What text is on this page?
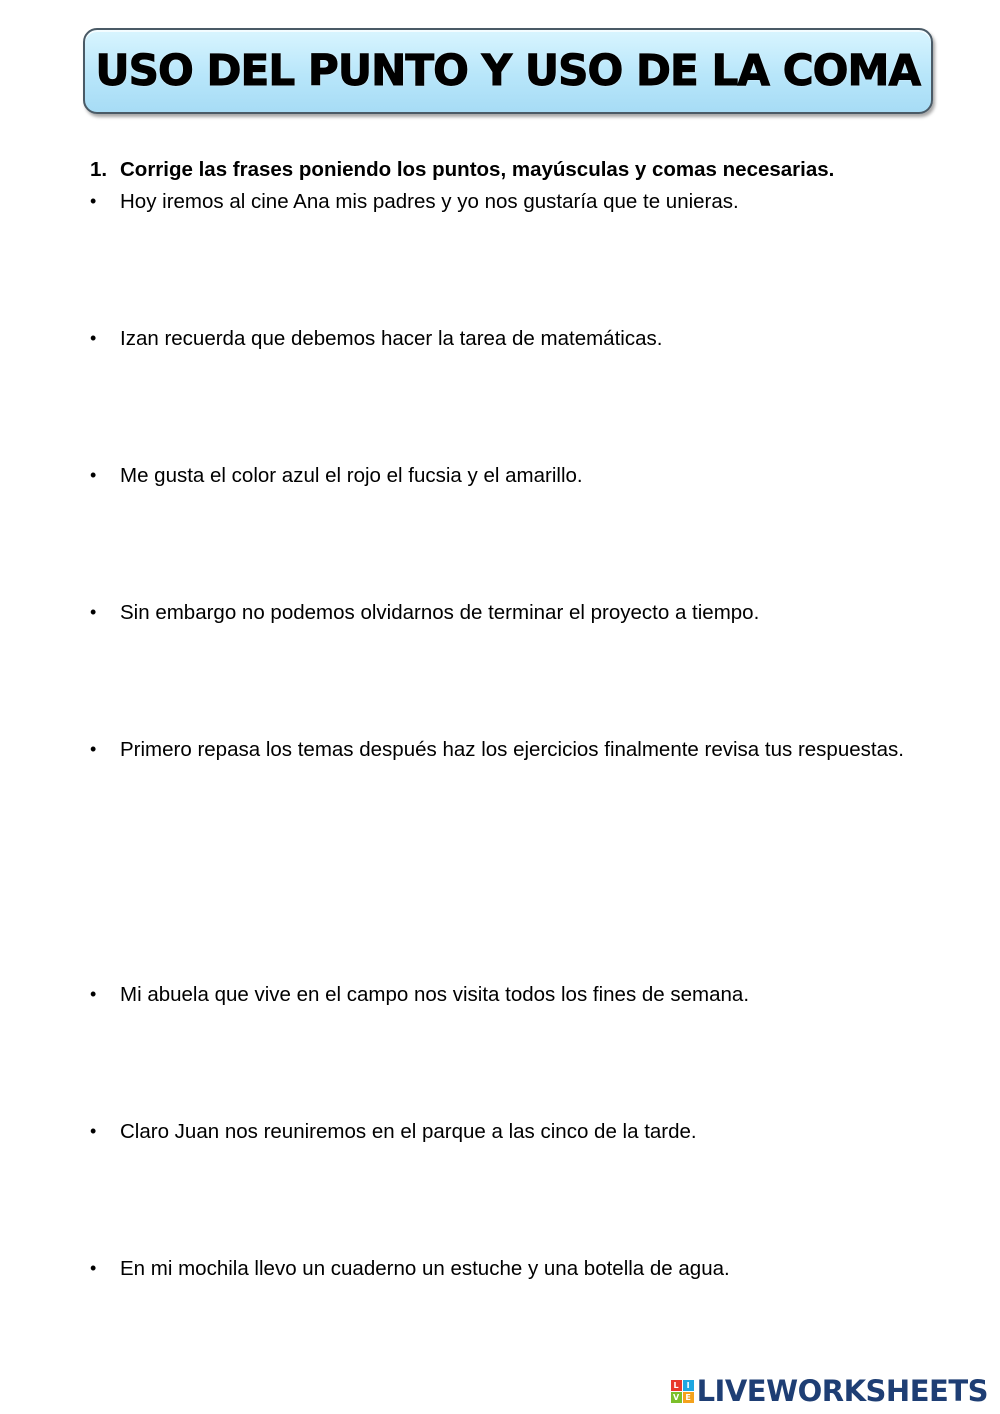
USO DEL PUNTO Y USO DE LA COMA
1. Corrige las frases poniendo los puntos, mayúsculas y comas necesarias.
•	Hoy iremos al cine Ana mis padres y yo nos gustaría que te unieras.
•	Izan recuerda que debemos hacer la tarea de matemáticas.
•	Me gusta el color azul el rojo el fucsia y el amarillo.
•	Sin embargo no podemos olvidarnos de terminar el proyecto a tiempo.
•	Primero repasa los temas después haz los ejercicios finalmente revisa tus respuestas.
•	Mi abuela que vive en el campo nos visita todos los fines de semana.
•	Claro Juan nos reuniremos en el parque a las cinco de la tarde.
•	En mi mochila llevo un cuaderno un estuche y una botella de agua.
L I
V E LIVEWORKSHEETS
